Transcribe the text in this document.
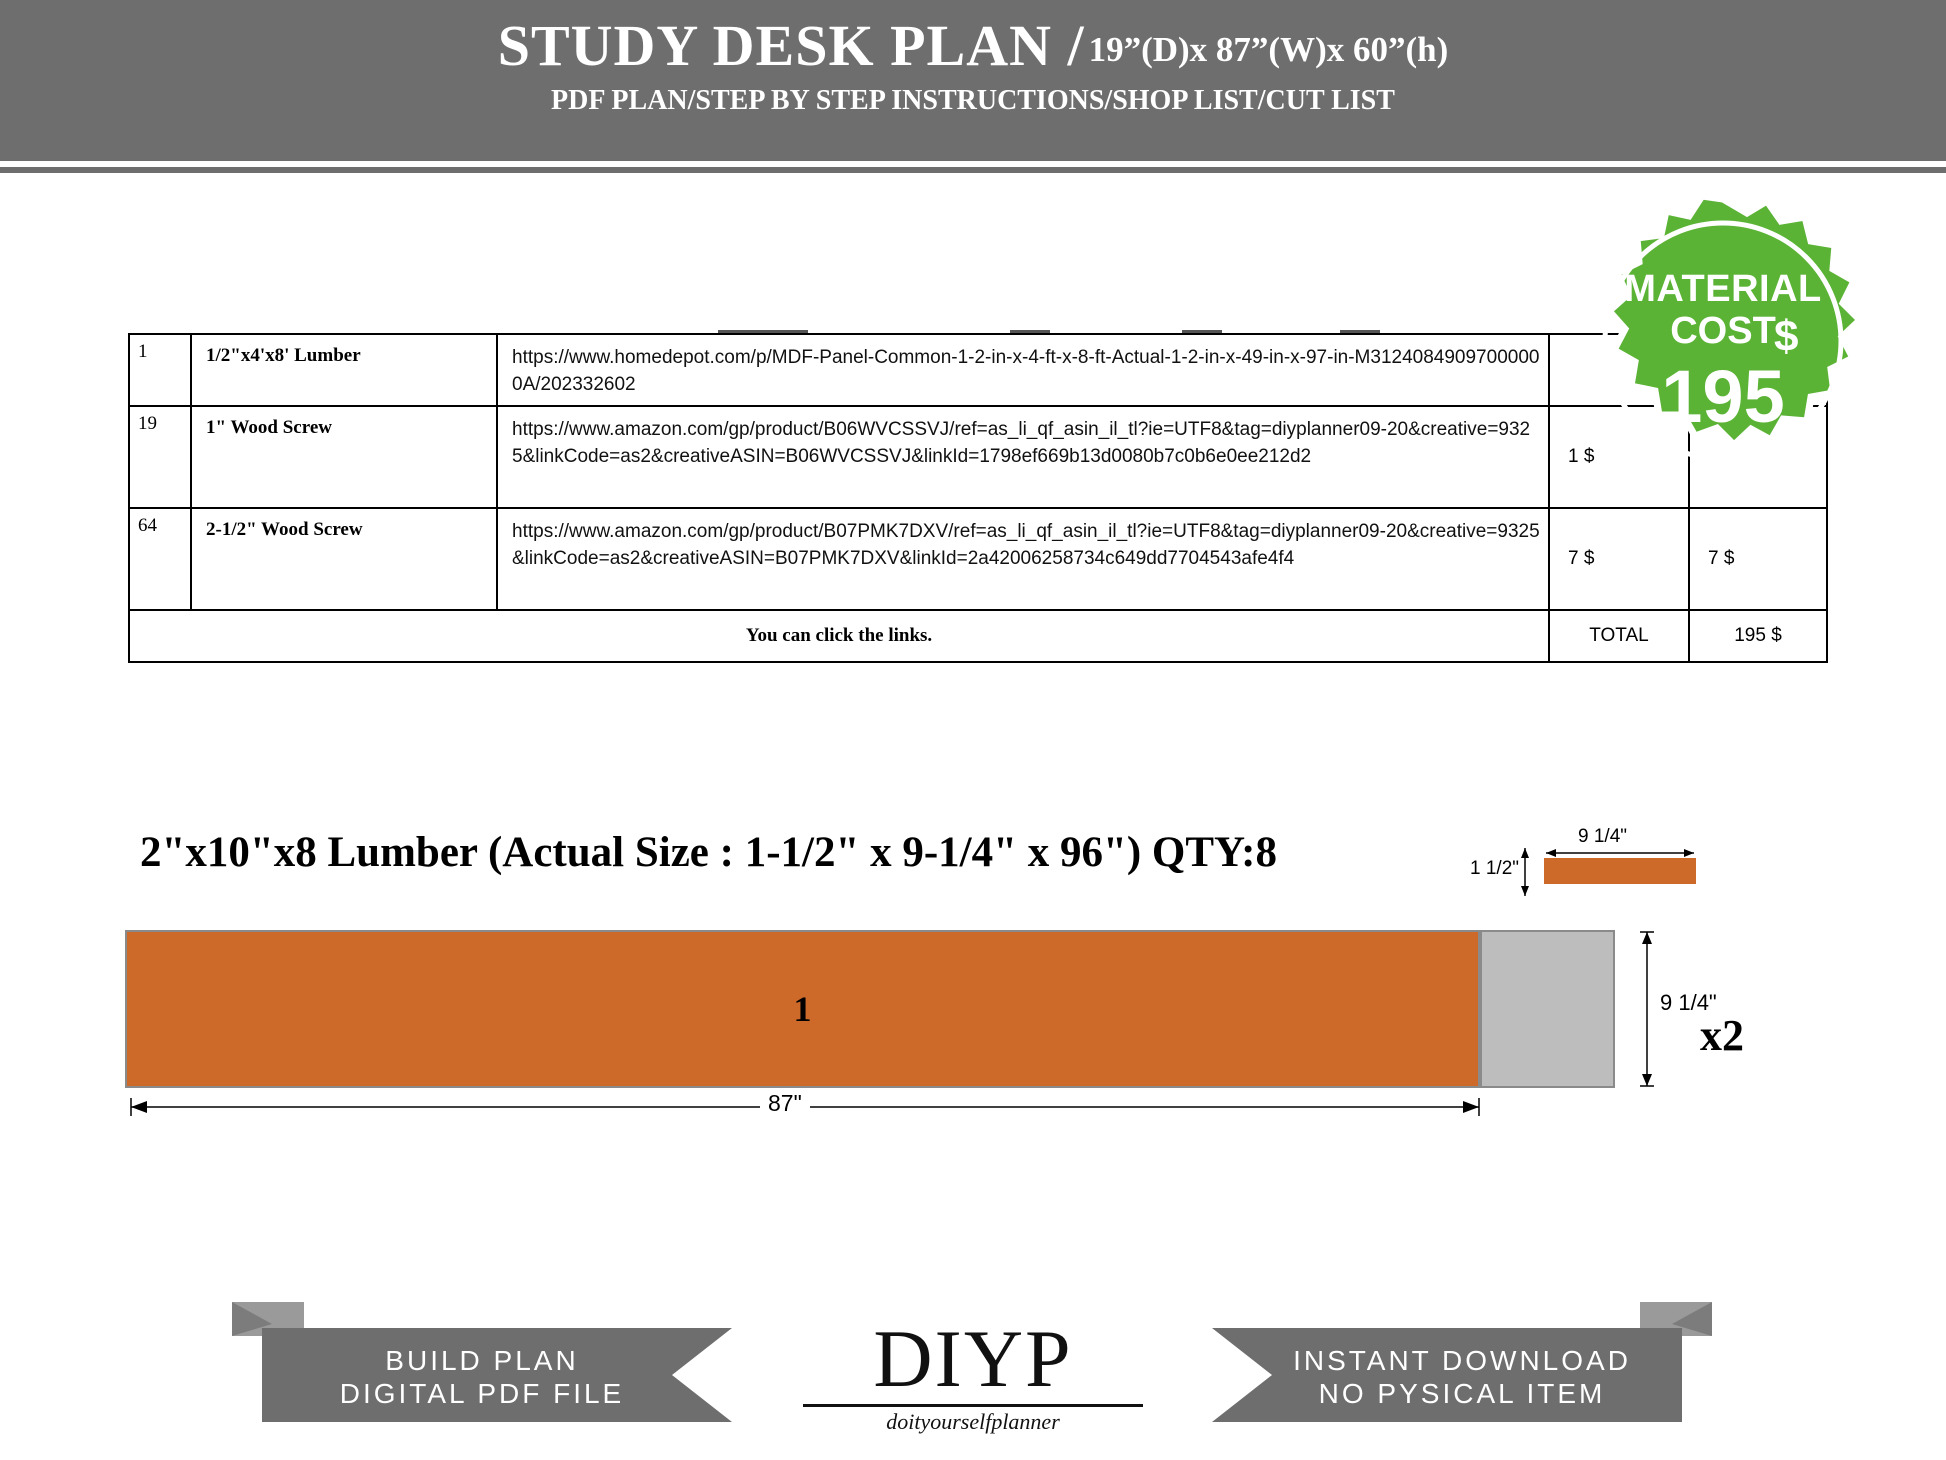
STUDY DESK PLAN / 19”(D)x 87”(W)x 60”(h)
PDF PLAN/STEP BY STEP INSTRUCTIONS/SHOP LIST/CUT LIST
1	1/2"x4'x8' Lumber	https://www.homedepot.com/p/MDF-Panel-Common-1-2-in-x-4-ft-x-8-ft-Actual-1-2-in-x-49-in-x-97-in-M31240849097000000A/202332602		
19	1" Wood Screw	https://www.amazon.com/gp/product/B06WVCSSVJ/ref=as_li_qf_asin_il_tl?ie=UTF8&tag=diyplanner09-20&creative=9325&linkCode=as2&creativeASIN=B06WVCSSVJ&linkId=1798ef669b13d0080b7c0b6e0ee212d2	1 $	
64	2-1/2" Wood Screw	https://www.amazon.com/gp/product/B07PMK7DXV/ref=as_li_qf_asin_il_tl?ie=UTF8&tag=diyplanner09-20&creative=9325&linkCode=as2&creativeASIN=B07PMK7DXV&linkId=2a42006258734c649dd7704543afe4f4	7 $	7 $
You can click the links.			TOTAL	195 $
MATERIAL
COST
$
195
2"x10"x8 Lumber (Actual Size : 1-1/2" x 9-1/4" x 96") QTY:8	9 1/4"
1 1/2"
1	9 1/4"
x2
87"
BUILD PLAN
DIGITAL PDF FILE
INSTANT DOWNLOAD
NO PYSICAL ITEM
DIYP
doityourselfplanner
